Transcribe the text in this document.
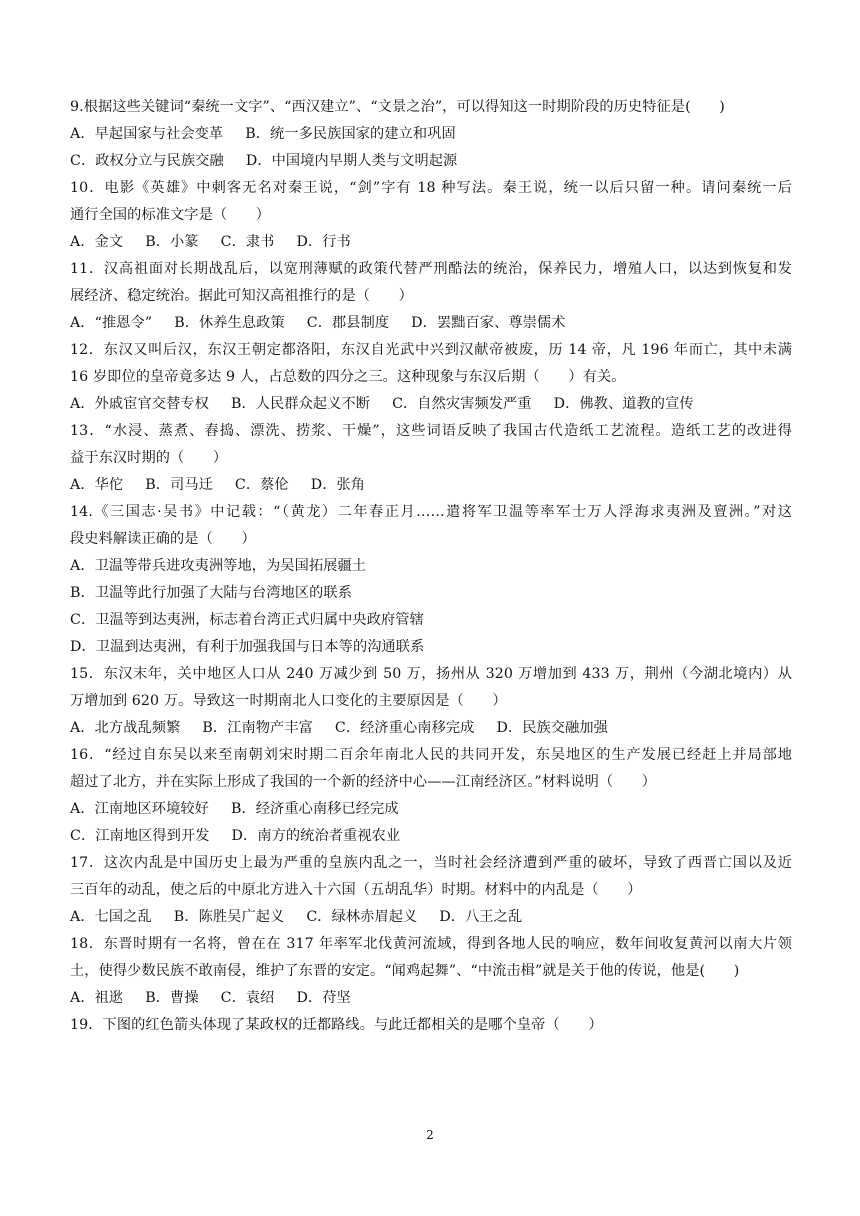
9.根据这些关键词“秦统一文字”、“西汉建立”、“文景之治”，可以得知这一时期阶段的历史特征是(　　)
A．早起国家与社会变革 B．统一多民族国家的建立和巩固
C．政权分立与民族交融 D．中国境内早期人类与文明起源
10．电影《英雄》中刺客无名对秦王说，“剑”字有 18 种写法。秦王说，统一以后只留一种。请问秦统一后
通行全国的标准文字是（　　）
A．金文 B．小篆 C．隶书 D．行书
11．汉高祖面对长期战乱后，以宽刑薄赋的政策代替严刑酷法的统治，保养民力，增殖人口，以达到恢复和发
展经济、稳定统治。据此可知汉高祖推行的是（　　）
A．“推恩令” B．休养生息政策 C．郡县制度 D．罢黜百家、尊崇儒术
12．东汉又叫后汉，东汉王朝定都洛阳，东汉自光武中兴到汉献帝被废，历 14 帝，凡 196 年而亡，其中未满
16 岁即位的皇帝竟多达 9 人，占总数的四分之三。这种现象与东汉后期（　　）有关。
A．外戚宦官交替专权 B．人民群众起义不断 C．自然灾害频发严重 D．佛教、道教的宣传
13．“水浸、蒸煮、舂捣、漂洗、捞浆、干燥”，这些词语反映了我国古代造纸工艺流程。造纸工艺的改进得
益于东汉时期的（　　）
A．华佗 B．司马迁 C．蔡伦 D．张角
14.《三国志·吴书》中记载：“（黄龙）二年春正月……遣将军卫温等率军士万人浮海求夷洲及亶洲。”对这
段史料解读正确的是（　　）
A．卫温等带兵进攻夷洲等地，为吴国拓展疆土
B．卫温等此行加强了大陆与台湾地区的联系
C．卫温等到达夷洲，标志着台湾正式归属中央政府管辖
D．卫温到达夷洲，有利于加强我国与日本等的沟通联系
15．东汉末年，关中地区人口从 240 万减少到 50 万，扬州从 320 万增加到 433 万，荆州（今湖北境内）从
万增加到 620 万。导致这一时期南北人口变化的主要原因是（　　）
A．北方战乱频繁 B．江南物产丰富 C．经济重心南移完成 D．民族交融加强
16．“经过自东吴以来至南朝刘宋时期二百余年南北人民的共同开发，东吴地区的生产发展已经赶上并局部地
超过了北方，并在实际上形成了我国的一个新的经济中心——江南经济区。”材料说明（　　）
A．江南地区环境较好 B．经济重心南移已经完成
C．江南地区得到开发 D．南方的统治者重视农业
17．这次内乱是中国历史上最为严重的皇族内乱之一，当时社会经济遭到严重的破坏，导致了西晋亡国以及近
三百年的动乱，使之后的中原北方进入十六国（五胡乱华）时期。材料中的内乱是（　　）
A．七国之乱 B．陈胜吴广起义 C．绿林赤眉起义 D．八王之乱
18．东晋时期有一名将，曾在在 317 年率军北伐黄河流域，得到各地人民的响应，数年间收复黄河以南大片领
土，使得少数民族不敢南侵，维护了东晋的安定。“闻鸡起舞”、“中流击楫”就是关于他的传说，他是(　　)
A．祖逖 B．曹操 C．袁绍 D．苻坚
19．下图的红色箭头体现了某政权的迁都路线。与此迁都相关的是哪个皇帝（　　）
2
